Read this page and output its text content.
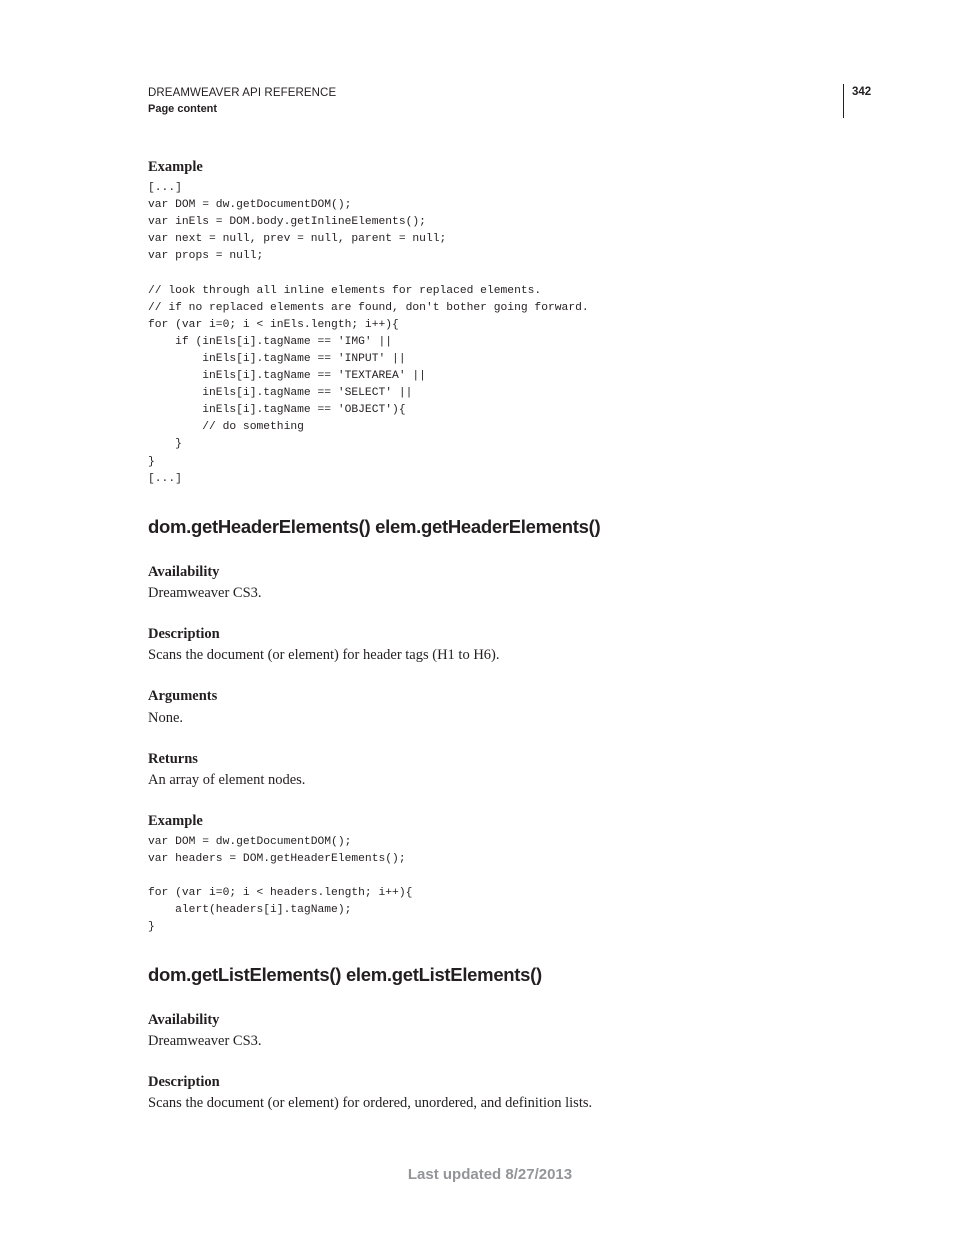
DREAMWEAVER API REFERENCE
Page content
342
Example
[...]
var DOM = dw.getDocumentDOM();
var inEls = DOM.body.getInlineElements();
var next = null, prev = null, parent = null;
var props = null;

// look through all inline elements for replaced elements.
// if no replaced elements are found, don't bother going forward.
for (var i=0; i < inEls.length; i++){
if (inEls[i].tagName == 'IMG' ||
inEls[i].tagName == 'INPUT' ||
inEls[i].tagName == 'TEXTAREA' ||
inEls[i].tagName == 'SELECT' ||
inEls[i].tagName == 'OBJECT'){
// do something
}
}
[...]
dom.getHeaderElements() elem.getHeaderElements()
Availability
Dreamweaver CS3.
Description
Scans the document (or element) for header tags (H1 to H6).
Arguments
None.
Returns
An array of element nodes.
Example
var DOM = dw.getDocumentDOM();
var headers = DOM.getHeaderElements();

for (var i=0; i < headers.length; i++){
alert(headers[i].tagName);
}
dom.getListElements() elem.getListElements()
Availability
Dreamweaver CS3.
Description
Scans the document (or element) for ordered, unordered, and definition lists.
Last updated 8/27/2013
